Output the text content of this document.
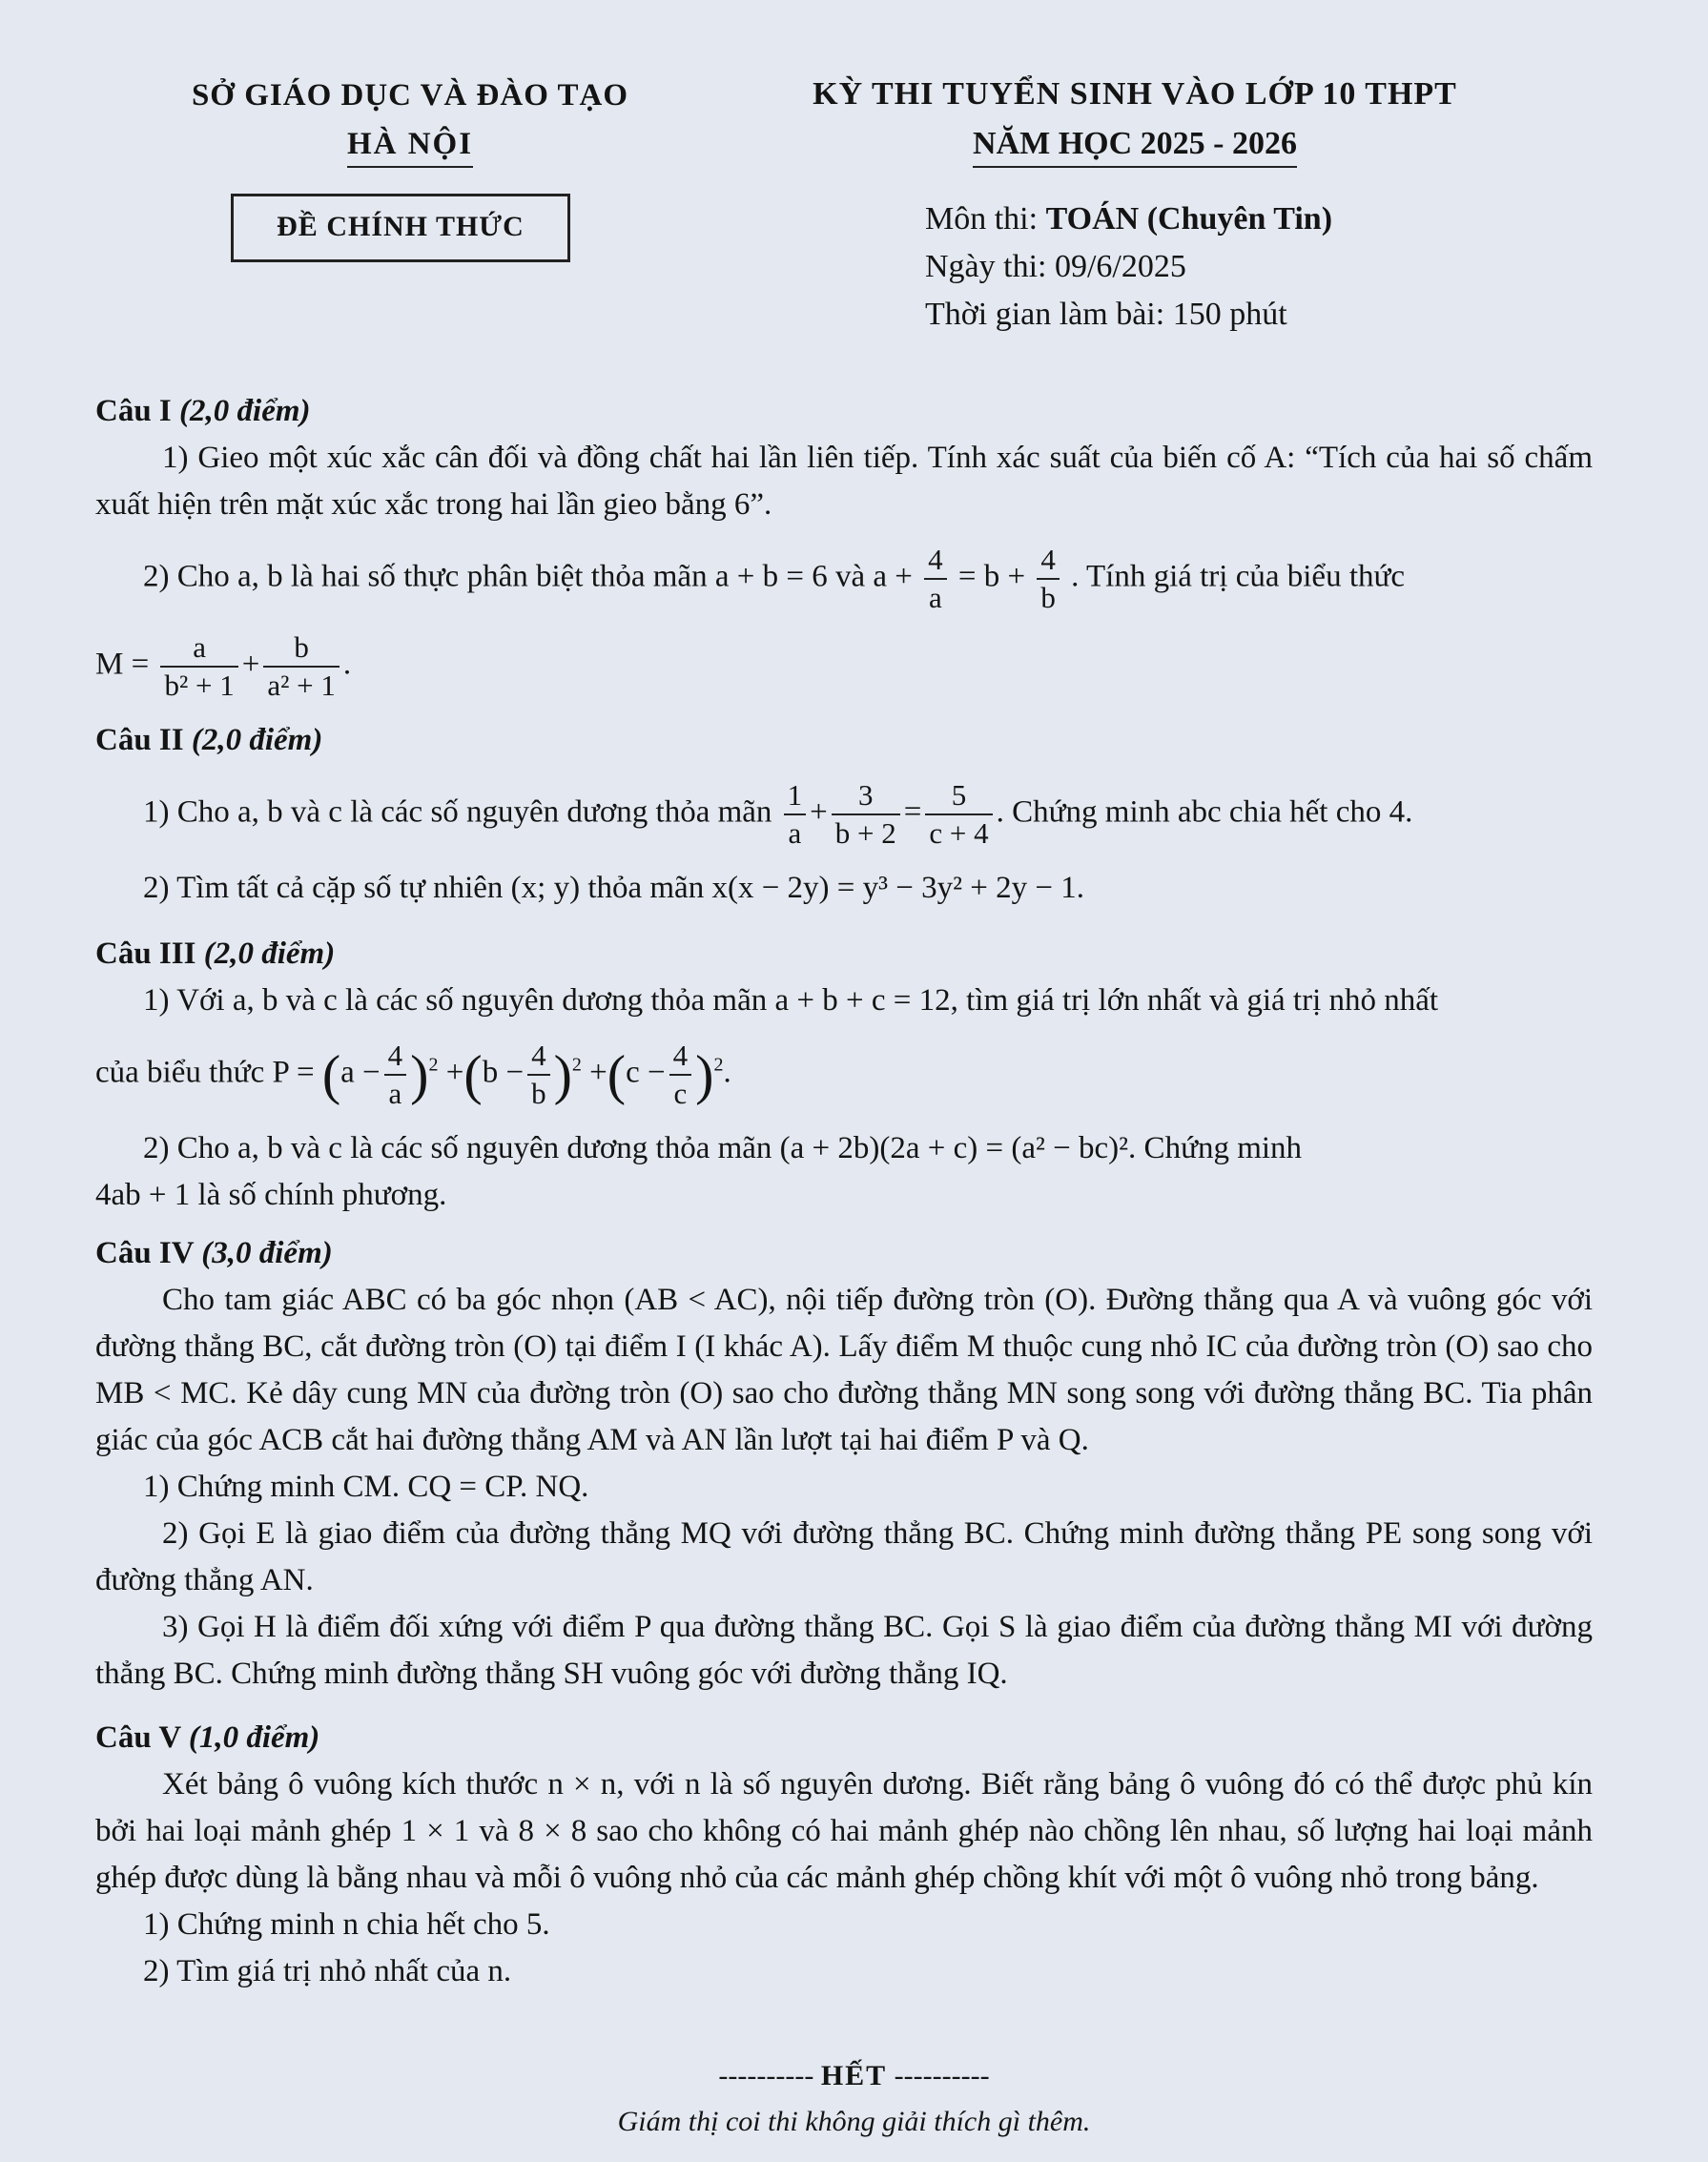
SỞ GIÁO DỤC VÀ ĐÀO TẠO
HÀ NỘI
ĐỀ CHÍNH THỨC
KỲ THI TUYỂN SINH VÀO LỚP 10 THPT
NĂM HỌC 2025 - 2026
Môn thi: TOÁN (Chuyên Tin)
Ngày thi: 09/6/2025
Thời gian làm bài: 150 phút
Câu I (2,0 điểm)
1) Gieo một xúc xắc cân đối và đồng chất hai lần liên tiếp. Tính xác suất của biến cố A: “Tích của hai số chấm xuất hiện trên mặt xúc xắc trong hai lần gieo bằng 6”.
2) Cho a, b là hai số thực phân biệt thỏa mãn a + b = 6 và $a + \frac{4}{a} = b + \frac{4}{b}$ . Tính giá trị của biểu thức
$M = \frac{a}{\text{b² + 1}} + \frac{b}{\text{a² + 1}}$ .
Câu II (2,0 điểm)
1) Cho a, b và c là các số nguyên dương thỏa mãn $\frac{1}{a} + \frac{3}{b + 2} = \frac{5}{c + 4}$ . Chứng minh abc chia hết cho 4.
2) Tìm tất cả cặp số tự nhiên (x; y) thỏa mãn x(x − 2y) = y³ − 3y² + 2y − 1.
Câu III (2,0 điểm)
1) Với a, b và c là các số nguyên dương thỏa mãn a + b + c = 12, tìm giá trị lớn nhất và giá trị nhỏ nhất
của biểu thức $P = (a - \frac{4}{a} )^2 +(b - \frac{4}{b} )^2 +(c - \frac{4}{c} )^2$.
2) Cho a, b và c là các số nguyên dương thỏa mãn (a + 2b)(2a + c) = (a² − bc)². Chứng minh
4ab + 1 là số chính phương.
Câu IV (3,0 điểm)
Cho tam giác ABC có ba góc nhọn (AB < AC), nội tiếp đường tròn (O). Đường thẳng qua A và vuông góc với đường thẳng BC, cắt đường tròn (O) tại điểm I (I khác A). Lấy điểm M thuộc cung nhỏ IC của đường tròn (O) sao cho MB < MC. Kẻ dây cung MN của đường tròn (O) sao cho đường thẳng MN song song với đường thẳng BC. Tia phân giác của góc ACB cắt hai đường thẳng AM và AN lần lượt tại hai điểm P và Q.
1) Chứng minh CM. CQ = CP. NQ.
2) Gọi E là giao điểm của đường thẳng MQ với đường thẳng BC. Chứng minh đường thẳng PE song song với đường thẳng AN.
3) Gọi H là điểm đối xứng với điểm P qua đường thẳng BC. Gọi S là giao điểm của đường thẳng MI với đường thẳng BC. Chứng minh đường thẳng SH vuông góc với đường thẳng IQ.
Câu V (1,0 điểm)
Xét bảng ô vuông kích thước n × n, với n là số nguyên dương. Biết rằng bảng ô vuông đó có thể được phủ kín bởi hai loại mảnh ghép 1 × 1 và 8 × 8 sao cho không có hai mảnh ghép nào chồng lên nhau, số lượng hai loại mảnh ghép được dùng là bằng nhau và mỗi ô vuông nhỏ của các mảnh ghép chồng khít với một ô vuông nhỏ trong bảng.
1) Chứng minh n chia hết cho 5.
2) Tìm giá trị nhỏ nhất của n.
---------- HẾT ----------
Giám thị coi thi không giải thích gì thêm.
